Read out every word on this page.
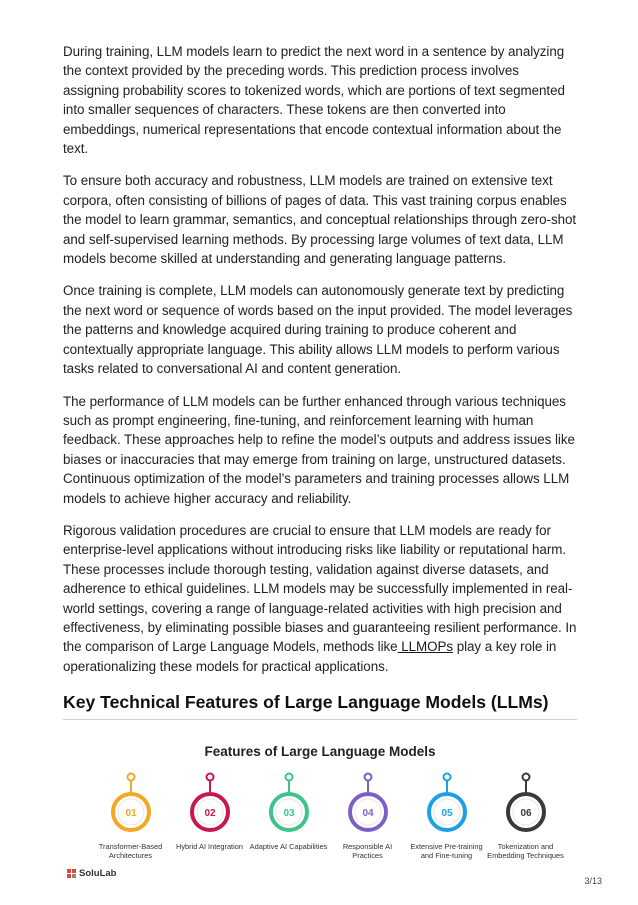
During training, LLM models learn to predict the next word in a sentence by analyzing the context provided by the preceding words. This prediction process involves assigning probability scores to tokenized words, which are portions of text segmented into smaller sequences of characters. These tokens are then converted into embeddings, numerical representations that encode contextual information about the text.

To ensure both accuracy and robustness, LLM models are trained on extensive text corpora, often consisting of billions of pages of data. This vast training corpus enables the model to learn grammar, semantics, and conceptual relationships through zero-shot and self-supervised learning methods. By processing large volumes of text data, LLM models become skilled at understanding and generating language patterns.

Once training is complete, LLM models can autonomously generate text by predicting the next word or sequence of words based on the input provided. The model leverages the patterns and knowledge acquired during training to produce coherent and contextually appropriate language. This ability allows LLM models to perform various tasks related to conversational AI and content generation.

The performance of LLM models can be further enhanced through various techniques such as prompt engineering, fine-tuning, and reinforcement learning with human feedback. These approaches help to refine the model’s outputs and address issues like biases or inaccuracies that may emerge from training on large, unstructured datasets. Continuous optimization of the model’s parameters and training processes allows LLM models to achieve higher accuracy and reliability.

Rigorous validation procedures are crucial to ensure that LLM models are ready for enterprise-level applications without introducing risks like liability or reputational harm. These processes include thorough testing, validation against diverse datasets, and adherence to ethical guidelines. LLM models may be successfully implemented in real-world settings, covering a range of language-related activities with high precision and effectiveness, by eliminating possible biases and guaranteeing resilient performance. In the comparison of Large Language Models, methods like LLMOPs play a key role in operationalizing these models for practical applications.

Key Technical Features of Large Language Models (LLMs)
Features of Large Language Models
01
Transformer-Based Architectures
02
Hybrid AI Integration
03
Adaptive AI Capabilities
04
Responsible AI Practices
05
Extensive Pre-training and Fine-tuning
06
Tokenization and Embedding Techniques
SoluLab
3/13
